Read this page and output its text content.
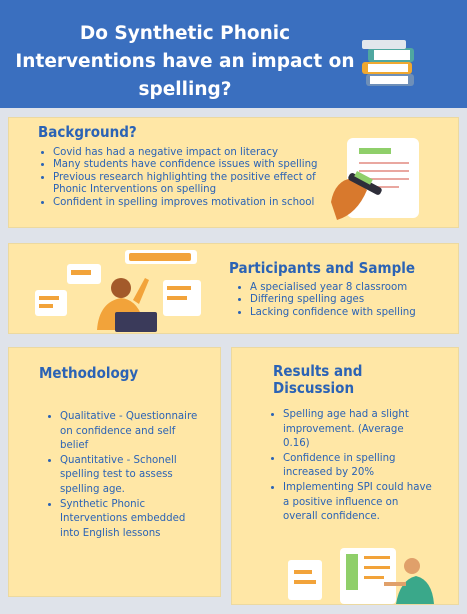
Do Synthetic Phonic Interventions have an impact on spelling?
Background?
• Covid has had a negative impact on literacy
• Many students have confidence issues with spelling
• Previous research highlighting the positive effect of Phonic Interventions on spelling
• Confident in spelling improves motivation in school
Participants and Sample
• A specialised year 8 classroom
• Differing spelling ages
• Lacking confidence with spelling
Methodology
• Qualitative - Questionnaire on confidence and self belief
• Quantitative - Schonell spelling test to assess spelling age.
• Synthetic Phonic Interventions embedded into English lessons
Results and Discussion
• Spelling age had a slight improvement. (Average 0.16)
• Confidence in spelling increased by 20%
• Implementing SPI could have a positive influence on overall confidence.
